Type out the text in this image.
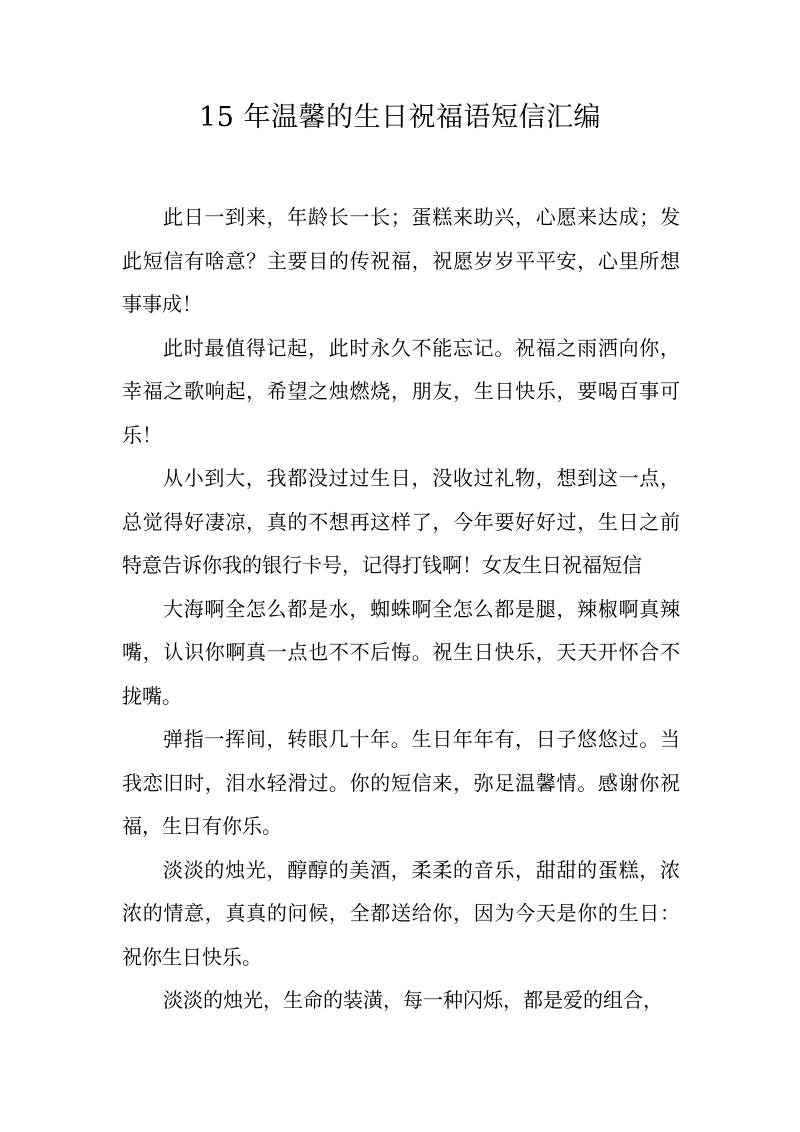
15 年温馨的生日祝福语短信汇编

此日一到来，年龄长一长；蛋糕来助兴，心愿来达成；发此短信有啥意？主要目的传祝福，祝愿岁岁平平安，心里所想事事成！

此时最值得记起，此时永久不能忘记。祝福之雨洒向你，幸福之歌响起，希望之烛燃烧，朋友，生日快乐，要喝百事可乐！

从小到大，我都没过过生日，没收过礼物，想到这一点，总觉得好凄凉，真的不想再这样了，今年要好好过，生日之前特意告诉你我的银行卡号，记得打钱啊！女友生日祝福短信

大海啊全怎么都是水，蜘蛛啊全怎么都是腿，辣椒啊真辣嘴，认识你啊真一点也不不后悔。祝生日快乐，天天开怀合不拢嘴。

弹指一挥间，转眼几十年。生日年年有，日子悠悠过。当我恋旧时，泪水轻滑过。你的短信来，弥足温馨情。感谢你祝福，生日有你乐。

淡淡的烛光，醇醇的美酒，柔柔的音乐，甜甜的蛋糕，浓浓的情意，真真的问候，全都送给你，因为今天是你的生日：祝你生日快乐。

淡淡的烛光，生命的装潢，每一种闪烁，都是爱的组合，
